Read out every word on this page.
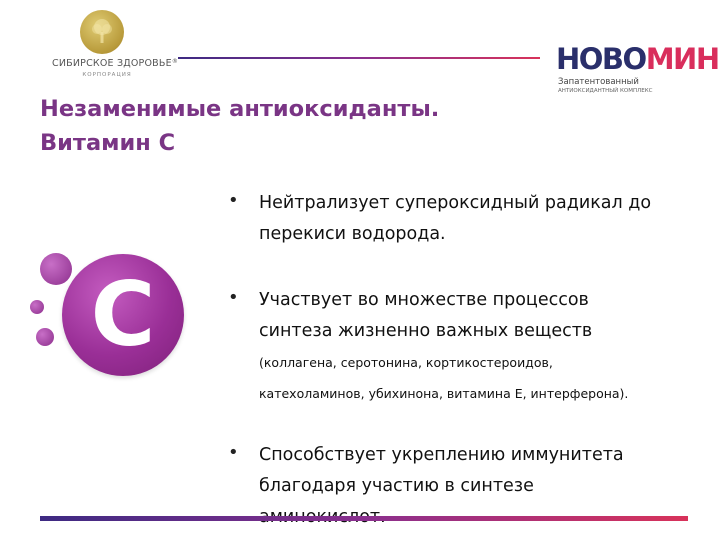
СИБИРСКОЕ ЗДОРОВЬЕ®
КОРПОРАЦИЯ	НОВОМИН
Запатентованный
АНТИОКСИДАНТНЫЙ КОМПЛЕКС
Незаменимые антиоксиданты.
Витамин С
С
• Нейтрализует супероксидный радикал до
перекиси водорода.
• Участвует во множестве процессов
синтеза жизненно важных веществ
(коллагена, серотонина, кортикостероидов,
катехоламинов, убихинона, витамина Е, интерферона).
• Способствует укреплению иммунитета
благодаря участию в синтезе
